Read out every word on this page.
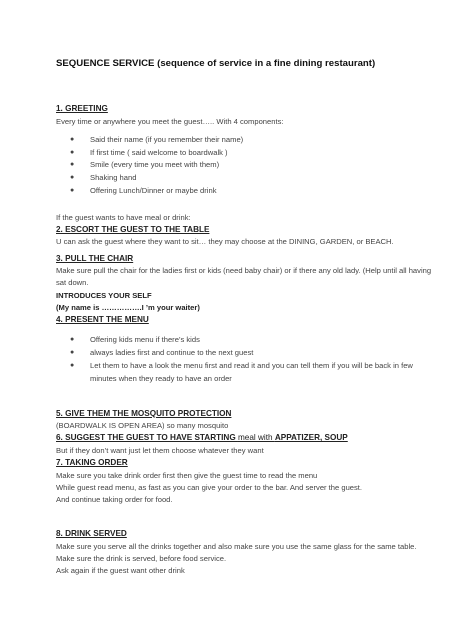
SEQUENCE SERVICE (sequence of service in a fine dining restaurant)
1. GREETING
Every time or anywhere you meet the guest….. With 4 components:
● Said their name (if you remember their name)
● If first time ( said welcome to boardwalk )
● Smile (every time you meet with them)
● Shaking hand
● Offering Lunch/Dinner or maybe drink
If the guest wants to have meal or drink:
2. ESCORT THE GUEST TO THE TABLE
U can ask the guest where they want to sit… they may choose at the DINING, GARDEN, or BEACH.
3. PULL THE CHAIR
Make sure pull the chair for the ladies first or kids (need baby chair) or if there any old lady. (Help until all having sat down.
INTRODUCES YOUR SELF
(My name is …………….I ’m your waiter)
4. PRESENT THE MENU
● Offering kids menu if there’s kids
● always ladies first and continue to the next guest
● Let them to have a look the menu first and read it and you can tell them if you will be back in few minutes when they ready to have an order
5. GIVE THEM THE MOSQUITO PROTECTION
(BOARDWALK IS OPEN AREA) so many mosquito
6. SUGGEST THE GUEST TO HAVE STARTING meal with APPATIZER, SOUP
But if they don’t want just let them choose whatever they want
7. TAKING ORDER
Make sure you take drink order first then give the guest time to read the menu
While guest read menu, as fast as you can give your order to the bar. And server the guest.
And continue taking order for food.
8. DRINK SERVED
Make sure you serve all the drinks together and also make sure you use the same glass for the same table.
Make sure the drink is served, before food service.
Ask again if the guest want other drink
